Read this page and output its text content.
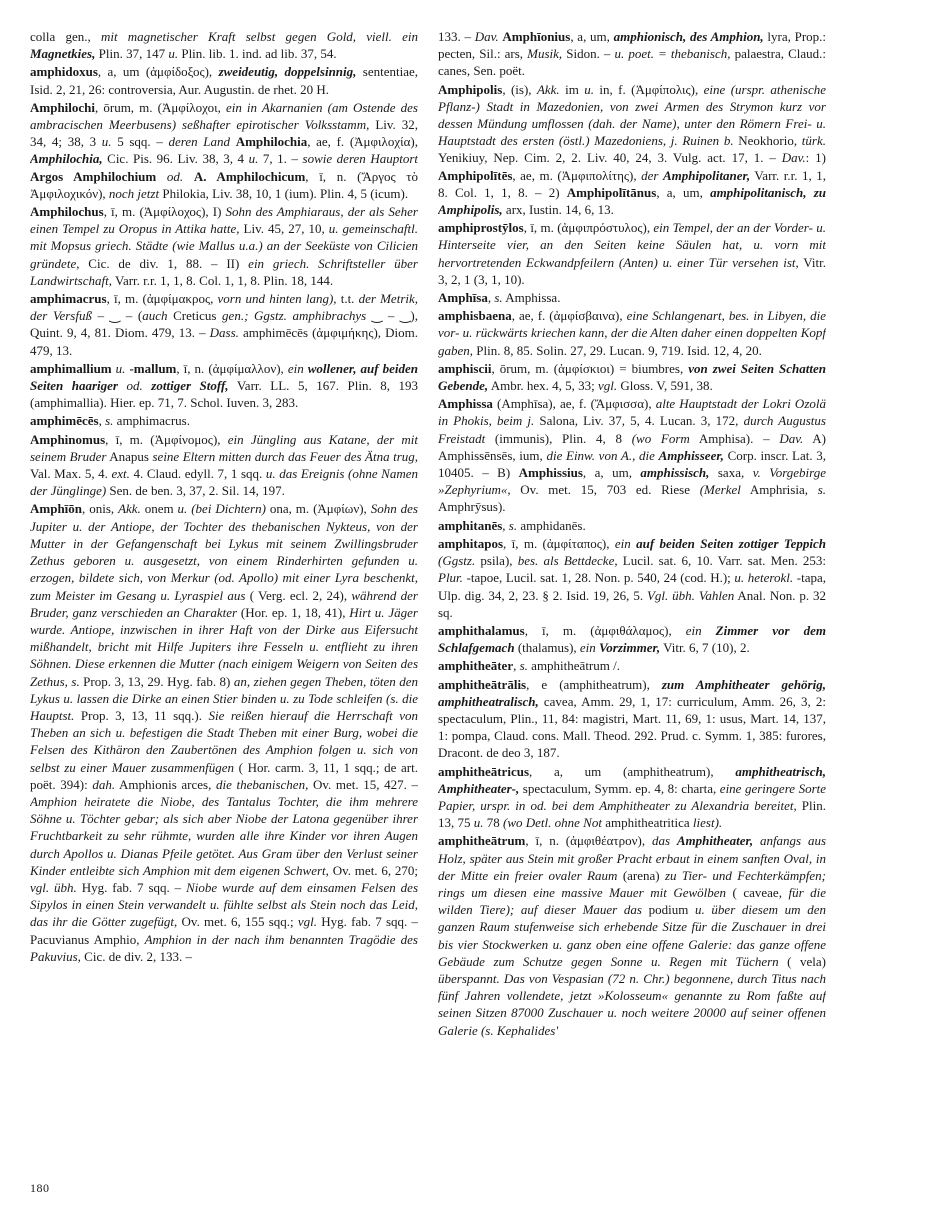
colla gen., mit magnetischer Kraft selbst gegen Gold, viell. ein Magnetkies, Plin. 37, 147 u. Plin. lib. 1. ind. ad lib. 37, 54.

amphidoxus, a, um (ἀμφίδοξος), zweideutig, doppelsinnig, sententiae, Isid. 2, 21, 26: controversia, Aur. Augustin. de rhet. 20 H.

Amphilochi, ōrum, m. (Ἀμφίλοχοι, ein in Akarnanien (am Ostende des ambracischen Meerbusens) seßhafter epirotischer Volksstamm, Liv. 32, 34, 4; 38, 3 u. 5 sqq. – deren Land Amphilochia, ae, f. (Ἀμφιλοχία), Amphilochia, Cic. Pis. 96. Liv. 38, 3, 4 u. 7, 1. – sowie deren Hauptort Argos Amphilochium od. A. Amphilochicum, ī, n. (Ἄργος τὸ Ἀμφιλοχικόν), noch jetzt Philokia, Liv. 38, 10, 1 (ium). Plin. 4, 5 (icum).

Amphilochus, ī, m. (Ἀμφίλοχος), I) Sohn des Amphiaraus, der als Seher einen Tempel zu Oropus in Attika hatte, Liv. 45, 27, 10, u. gemeinschaftl. mit Mopsus griech. Städte (wie Mallus u.a.) an der Seeküste von Cilicien gründete, Cic. de div. 1, 88. – II) ein griech. Schriftsteller über Landwirtschaft, Varr. r.r. 1, 1, 8. Col. 1, 1, 8. Plin. 18, 144.

amphimacrus, ī, m. (ἀμφίμακρος, vorn und hinten lang), t.t. der Metrik, der Versfuß – ‿ – (auch Creticus gen.; Ggstz. amphibrachys ‿ – ‿), Quint. 9, 4, 81. Diom. 479, 13. – Dass. amphimēcēs (ἀμφιμήκης), Diom. 479, 13.

amphimallium u. -mallum, ī, n. (ἀμφίμαλλον), ein wollener, auf beiden Seiten haariger od. zottiger Stoff, Varr. LL. 5, 167. Plin. 8, 193 (amphimallia). Hier. ep. 71, 7. Schol. Iuven. 3, 283.

amphimēcēs, s. amphimacrus.

Amphinomus, ī, m. (Ἀμφίνομος), ein Jüngling aus Katane, der mit seinem Bruder Anapus seine Eltern mitten durch das Feuer des Ätna trug, Val. Max. 5, 4. ext. 4. Claud. edyll. 7, 1 sqq. u. das Ereignis (ohne Namen der Jünglinge) Sen. de ben. 3, 37, 2. Sil. 14, 197.

Amphīōn, onis, Akk. onem u. (bei Dichtern) ona, m. (Ἀμφίων), Sohn des Jupiter u. der Antiope, der Tochter des thebanischen Nykteus, von der Mutter in der Gefangenschaft bei Lykus mit seinem Zwillingsbruder Zethus geboren u. ausgesetzt, von einem Rinderhirten gefunden u. erzogen, bildete sich, von Merkur (od. Apollo) mit einer Lyra beschenkt, zum Meister im Gesang u. Lyraspiel aus ( Verg. ecl. 2, 24), während der Bruder, ganz verschieden an Charakter (Hor. ep. 1, 18, 41), Hirt u. Jäger wurde. Antiope, inzwischen in ihrer Haft von der Dirke aus Eifersucht mißhandelt, bricht mit Hilfe Jupiters ihre Fesseln u. entflieht zu ihren Söhnen. Diese erkennen die Mutter (nach einigem Weigern von Seiten des Zethus, s. Prop. 3, 13, 29. Hyg. fab. 8) an, ziehen gegen Theben, töten den Lykus u. lassen die Dirke an einen Stier binden u. zu Tode schleifen (s. die Hauptst. Prop. 3, 13, 11 sqq.). Sie reißen hierauf die Herrschaft von Theben an sich u. befestigen die Stadt Theben mit einer Burg, wobei die Felsen des Kithäron den Zaubertönen des Amphion folgen u. sich von selbst zu einer Mauer zusammenfügen ( Hor. carm. 3, 11, 1 sqq.; de art. poët. 394): dah. Amphionis arces, die thebanischen, Ov. met. 15, 427. – Amphion heiratete die Niobe, des Tantalus Tochter, die ihm mehrere Söhne u. Töchter gebar; als sich aber Niobe der Latona gegenüber ihrer Fruchtbarkeit zu sehr rühmte, wurden alle ihre Kinder vor ihren Augen durch Apollos u. Dianas Pfeile getötet. Aus Gram über den Verlust seiner Kinder entleibte sich Amphion mit dem eigenen Schwert, Ov. met. 6, 270; vgl. übh. Hyg. fab. 7 sqq. – Niobe wurde auf dem einsamen Felsen des Sipylos in einen Stein verwandelt u. fühlte selbst als Stein noch das Leid, das ihr die Götter zugefügt, Ov. met. 6, 155 sqq.; vgl. Hyg. fab. 7 sqq. – Pacuvianus Amphio, Amphion in der nach ihm benannten Tragödie des Pakuvius, Cic. de div. 2, 133. –

133. – Dav. Amphīonius, a, um, amphionisch, des Amphion, lyra, Prop.: pecten, Sil.: ars, Musik, Sidon. – u. poet. = thebanisch, palaestra, Claud.: canes, Sen. poët.

Amphipolis, (is), Akk. im u. in, f. (Ἀμφίπολις), eine (urspr. athenische Pflanz-) Stadt in Mazedonien, von zwei Armen des Strymon kurz vor dessen Mündung umflossen (dah. der Name), unter den Römern Frei- u. Hauptstadt des ersten (östl.) Mazedoniens, j. Ruinen b. Neokhorio, türk. Yenikiuy, Nep. Cim. 2, 2. Liv. 40, 24, 3. Vulg. act. 17, 1. – Dav.: 1) Amphipolītēs, ae, m. (Ἀμφιπολίτης), der Amphipolitaner, Varr. r.r. 1, 1, 8. Col. 1, 1, 8. – 2) Amphipolītānus, a, um, amphipolitanisch, zu Amphipolis, arx, Iustin. 14, 6, 13.

amphiprostȳlos, ī, m. (ἀμφιπρόστυλος), ein Tempel, der an der Vorder- u. Hinterseite vier, an den Seiten keine Säulen hat, u. vorn mit hervortretenden Eckwandpfeilern (Anten) u. einer Tür versehen ist, Vitr. 3, 2, 1 (3, 1, 10).

Amphīsa, s. Amphissa.

amphisbaena, ae, f. (ἀμφίσβαινα), eine Schlangenart, bes. in Libyen, die vor- u. rückwärts kriechen kann, der die Alten daher einen doppelten Kopf gaben, Plin. 8, 85. Solin. 27, 29. Lucan. 9, 719. Isid. 12, 4, 20.

amphiscii, ōrum, m. (ἀμφίσκιοι) = biumbres, von zwei Seiten Schatten Gebende, Ambr. hex. 4, 5, 33; vgl. Gloss. V, 591, 38.

Amphissa (Amphīsa), ae, f. (Ἄμφισσα), alte Hauptstadt der Lokri Ozolä in Phokis, beim j. Salona, Liv. 37, 5, 4. Lucan. 3, 172, durch Augustus Freistadt (immunis), Plin. 4, 8 (wo Form Amphisa). – Dav. A) Amphissēnsēs, ium, die Einw. von A., die Amphisseer, Corp. inscr. Lat. 3, 10405. – B) Amphissius, a, um, amphissisch, saxa, v. Vorgebirge »Zephyrium«, Ov. met. 15, 703 ed. Riese (Merkel Amphrisia, s. Amphrȳsus).

amphitanēs, s. amphidanēs.

amphitapos, ī, m. (ἀμφίταπος), ein auf beiden Seiten zottiger Teppich (Ggstz. psila), bes. als Bettdecke, Lucil. sat. 6, 10. Varr. sat. Men. 253: Plur. -tapoe, Lucil. sat. 1, 28. Non. p. 540, 24 (cod. H.); u. heterokl. -tapa, Ulp. dig. 34, 2, 23. § 2. Isid. 19, 26, 5. Vgl. übh. Vahlen Anal. Non. p. 32 sq.

amphithalamus, ī, m. (ἀμφιθάλαμος), ein Zimmer vor dem Schlafgemach (thalamus), ein Vorzimmer, Vitr. 6, 7 (10), 2.

amphitheāter, s. amphitheātrum /.

amphitheātrālis, e (amphitheatrum), zum Amphitheater gehörig, amphitheatralisch, cavea, Amm. 29, 1, 17: curriculum, Amm. 26, 3, 2: spectaculum, Plin., 11, 84: magistri, Mart. 11, 69, 1: usus, Mart. 14, 137, 1: pompa, Claud. cons. Mall. Theod. 292. Prud. c. Symm. 1, 385: furores, Dracont. de deo 3, 187.

amphitheātricus, a, um (amphitheatrum), amphitheatrisch, Amphitheater-, spectaculum, Symm. ep. 4, 8: charta, eine geringere Sorte Papier, urspr. in od. bei dem Amphitheater zu Alexandria bereitet, Plin. 13, 75 u. 78 (wo Detl. ohne Not amphitheatritica liest).

amphitheātrum, ī, n. (ἀμφιθέατρον), das Amphitheater, anfangs aus Holz, später aus Stein mit großer Pracht erbaut in einem sanften Oval, in der Mitte ein freier ovaler Raum (arena) zu Tier- und Fechterkämpfen; rings um diesen eine massive Mauer mit Gewölben ( caveae, für die wilden Tiere); auf dieser Mauer das podium u. über diesem um den ganzen Raum stufenweise sich erhebende Sitze für die Zuschauer in drei bis vier Stockwerken u. ganz oben eine offene Galerie: das ganze offene Gebäude zum Schutze gegen Sonne u. Regen mit Tüchern ( vela) überspannt. Das von Vespasian (72 n. Chr.) begonnene, durch Titus nach fünf Jahren vollendete, jetzt »Kolosseum« genannte zu Rom faßte auf seinen Sitzen 87000 Zuschauer u. noch weitere 20000 auf seiner offenen Galerie (s. Kephalides'

180
